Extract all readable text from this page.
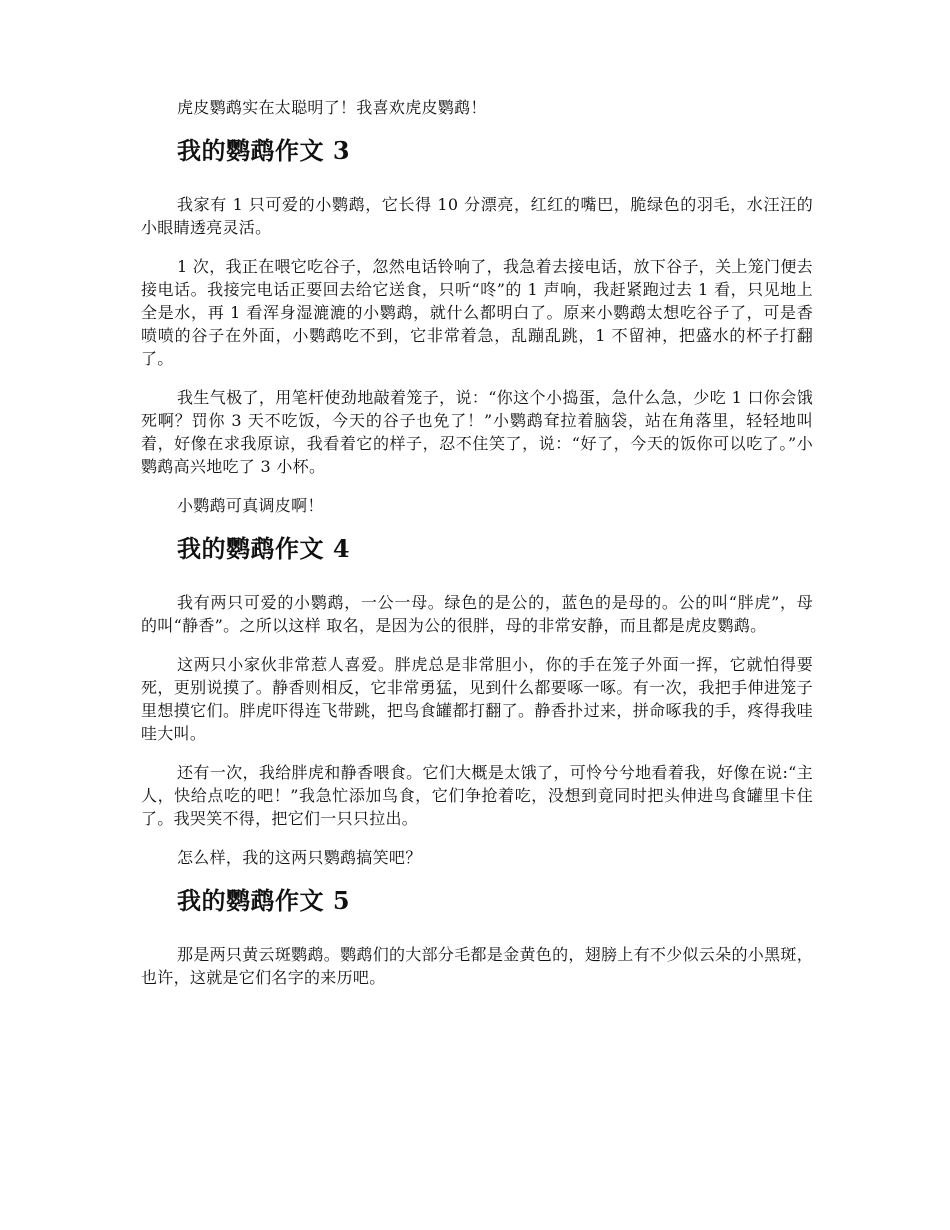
虎皮鹦鹉实在太聪明了！我喜欢虎皮鹦鹉！

我的鹦鹉作文 3

我家有 1 只可爱的小鹦鹉，它长得 10 分漂亮，红红的嘴巴，脆绿色的羽毛，水汪汪的小眼睛透亮灵活。

1 次，我正在喂它吃谷子，忽然电话铃响了，我急着去接电话，放下谷子，关上笼门便去接电话。我接完电话正要回去给它送食，只听“咚”的 1 声响，我赶紧跑过去 1 看，只见地上全是水，再 1 看浑身湿漉漉的小鹦鹉，就什么都明白了。原来小鹦鹉太想吃谷子了，可是香喷喷的谷子在外面，小鹦鹉吃不到，它非常着急，乱蹦乱跳，1 不留神，把盛水的杯子打翻了。

我生气极了，用笔杆使劲地敲着笼子，说：“你这个小捣蛋，急什么急，少吃 1 口你会饿死啊？罚你 3 天不吃饭，今天的谷子也免了！”小鹦鹉耷拉着脑袋，站在角落里，轻轻地叫着，好像在求我原谅，我看着它的样子，忍不住笑了，说：“好了，今天的饭你可以吃了。”小鹦鹉高兴地吃了 3 小杯。

小鹦鹉可真调皮啊！

我的鹦鹉作文 4

我有两只可爱的小鹦鹉，一公一母。绿色的是公的，蓝色的是母的。公的叫“胖虎”，母的叫“静香”。之所以这样 取名，是因为公的很胖，母的非常安静，而且都是虎皮鹦鹉。

这两只小家伙非常惹人喜爱。胖虎总是非常胆小，你的手在笼子外面一挥，它就怕得要死，更别说摸了。静香则相反，它非常勇猛，见到什么都要啄一啄。有一次，我把手伸进笼子里想摸它们。胖虎吓得连飞带跳，把鸟食罐都打翻了。静香扑过来，拼命啄我的手，疼得我哇哇大叫。

还有一次，我给胖虎和静香喂食。它们大概是太饿了，可怜兮兮地看着我，好像在说:“主人，快给点吃的吧！”我急忙添加鸟食，它们争抢着吃，没想到竟同时把头伸进鸟食罐里卡住了。我哭笑不得，把它们一只只拉出。

怎么样，我的这两只鹦鹉搞笑吧？

我的鹦鹉作文 5

那是两只黄云斑鹦鹉。鹦鹉们的大部分毛都是金黄色的，翅膀上有不少似云朵的小黑斑，也许，这就是它们名字的来历吧。
